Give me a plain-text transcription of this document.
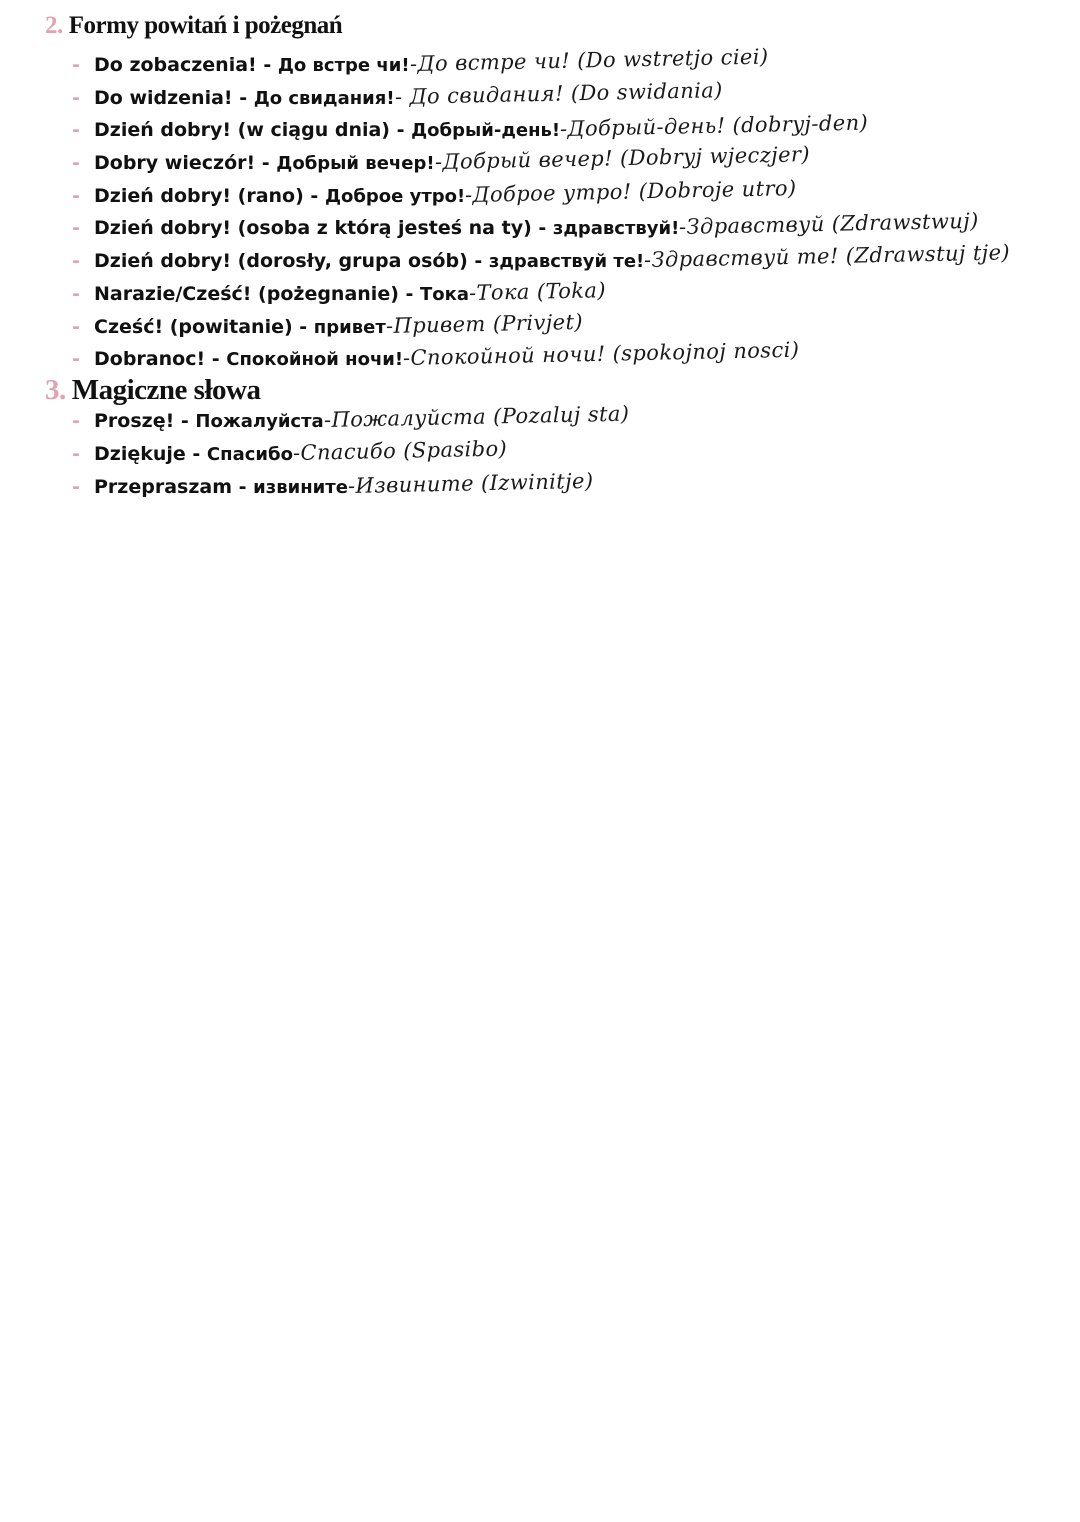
2. Formy powitań i pożegnań
- Do zobaczenia! - До встре чи!-До встре чи! (Do wstretjo ciei)
- Do widzenia! - До свидания!- До свидания! (Do swidania)
- Dzień dobry! (w ciągu dnia) - Добрый-день!-Добрый-день! (dobryj-den)
- Dobry wieczór! - Добрый вечер!-Добрый вечер! (Dobryj wjeczjer)
- Dzień dobry! (rano) - Доброе утро!-Доброе утро! (Dobroje utro)
- Dzień dobry! (osoba z którą jesteś na ty) - здравствуй!-Здравствуй (Zdrawstwuj)
- Dzień dobry! (dorosły, grupa osób) - здравствуй те!-Здравствуй те! (Zdrawstuj tje)
- Narazie/Cześć! (pożegnanie) - Тока-Тока (Toka)
- Cześć! (powitanie) - привет-Привет (Privjet)
- Dobranoc! - Спокойной ночи!-Спокойной ночи! (spokojnoj nosci)
3. Magiczne słowa
- Proszę! - Пожалуйста-Пожалуйста (Pozaluj sta)
- Dziękuje - Спасибо-Спасибо (Spasibo)
- Przepraszam - извините-Извините (Izwinitje)
